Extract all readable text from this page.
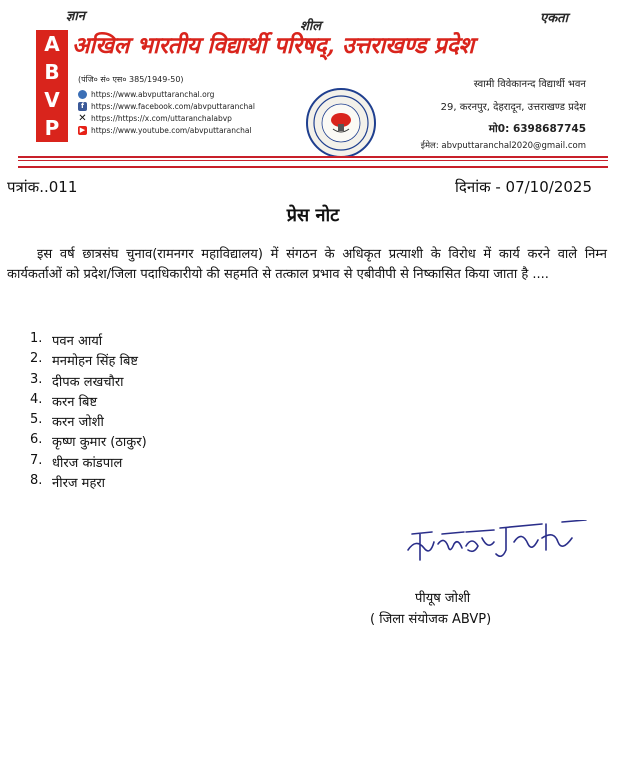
ज्ञान
शील
एकता
A
B
V
P
अखिल भारतीय विद्यार्थी परिषद्, उत्तराखण्ड प्रदेश
(पंजि० सं० एस० 385/1949-50)
https://www.abvputtaranchal.org
f https://www.facebook.com/abvputtaranchal
✕ https://https://x.com/uttaranchalabvp
▶ https://www.youtube.com/abvputtaranchal
स्वामी विवेकानन्द विद्यार्थी भवन
29, करनपुर, देहरादून, उत्तराखण्ड प्रदेश
मो0: 6398687745
ईमेल: abvputtaranchal2020@gmail.com
पत्रांक..011	दिनांक - 07/10/2025
प्रेस नोट
इस वर्ष छात्रसंघ चुनाव(रामनगर महाविद्यालय) में संगठन के अधिकृत प्रत्याशी के विरोध में कार्य करने वाले निम्न कार्यकर्ताओं को प्रदेश/जिला पदाधिकारीयो की सहमति से तत्काल प्रभाव से एबीवीपी से निष्कासित किया जाता है ....
1. पवन आर्या
2. मनमोहन सिंह बिष्ट
3. दीपक लखचौरा
4. करन बिष्ट
5. करन जोशी
6. कृष्ण कुमार (ठाकुर)
7. धीरज कांडपाल
8. नीरज महरा
पीयूष जोशी
( जिला संयोजक ABVP)
